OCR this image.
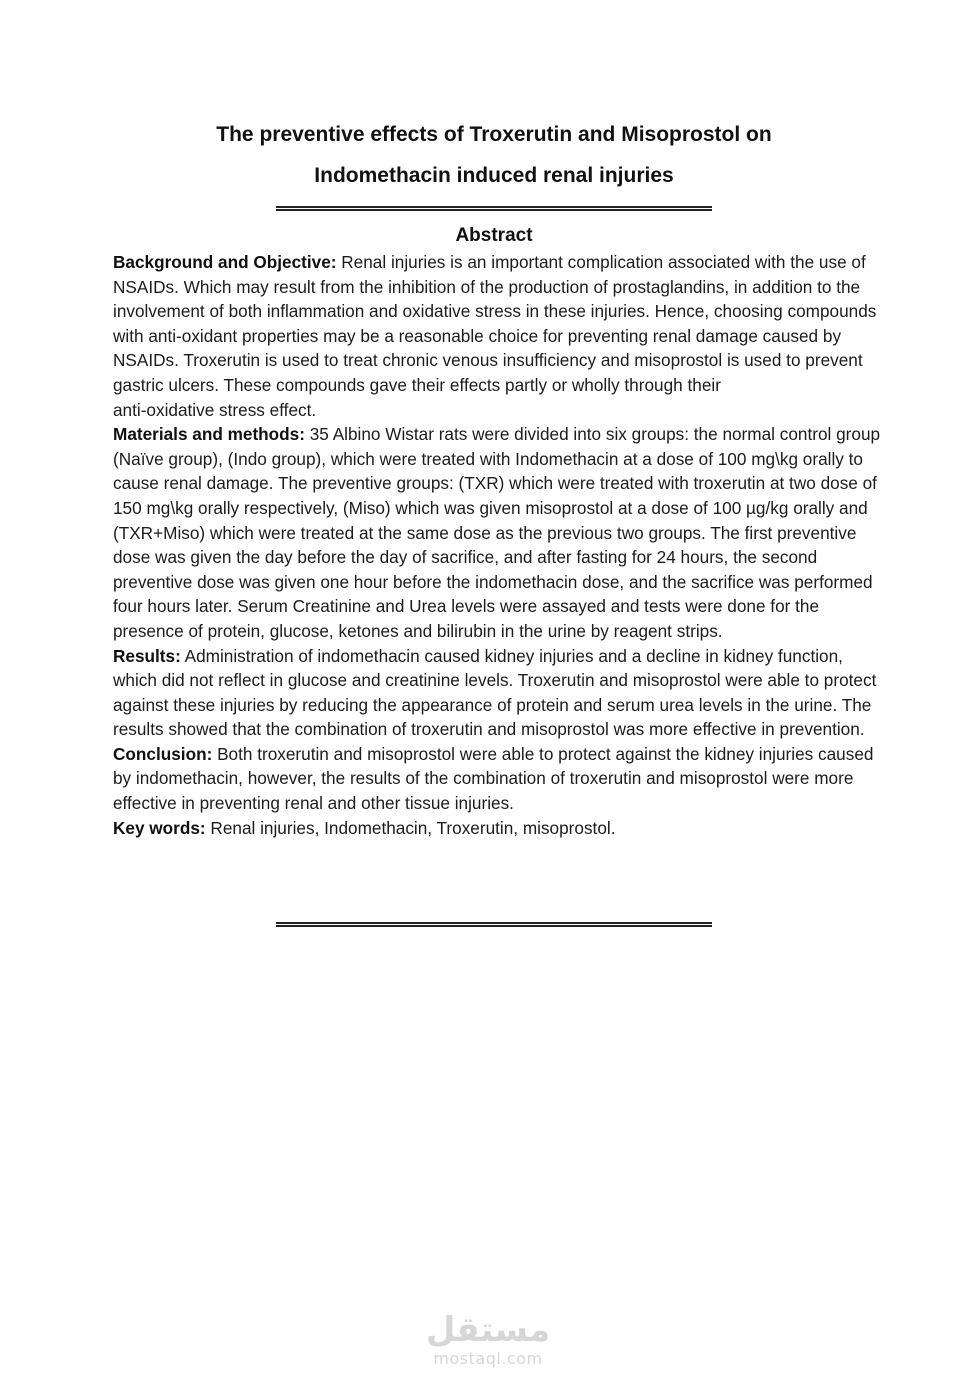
The preventive effects of Troxerutin and Misoprostol on
Indomethacin induced renal injuries
Abstract

Background and Objective: Renal injuries is an important complication associated with the use of NSAIDs. Which may result from the inhibition of the production of prostaglandins, in addition to the involvement of both inflammation and oxidative stress in these injuries. Hence, choosing compounds with anti-oxidant properties may be a reasonable choice for preventing renal damage caused by NSAIDs. Troxerutin is used to treat chronic venous insufficiency and misoprostol is used to prevent gastric ulcers. These compounds gave their effects partly or wholly through their

anti-oxidative stress effect.

Materials and methods: 35 Albino Wistar rats were divided into six groups: the normal control group (Naïve group), (Indo group), which were treated with Indomethacin at a dose of 100 mg\kg orally to cause renal damage. The preventive groups: (TXR) which were treated with troxerutin at two dose of 150 mg\kg orally respectively, (Miso) which was given misoprostol at a dose of 100 µg/kg orally and (TXR+Miso) which were treated at the same dose as the previous two groups. The first preventive dose was given the day before the day of sacrifice, and after fasting for 24 hours, the second preventive dose was given one hour before the indomethacin dose, and the sacrifice was performed four hours later. Serum Creatinine and Urea levels were assayed and tests were done for the presence of protein, glucose, ketones and bilirubin in the urine by reagent strips.

Results: Administration of indomethacin caused kidney injuries and a decline in kidney function, which did not reflect in glucose and creatinine levels. Troxerutin and misoprostol were able to protect against these injuries by reducing the appearance of protein and serum urea levels in the urine. The results showed that the combination of troxerutin and misoprostol was more effective in prevention.

Conclusion: Both troxerutin and misoprostol were able to protect against the kidney injuries caused by indomethacin, however, the results of the combination of troxerutin and misoprostol were more effective in preventing renal and other tissue injuries.

Key words: Renal injuries, Indomethacin, Troxerutin, misoprostol.

مستقل
mostaql.com
